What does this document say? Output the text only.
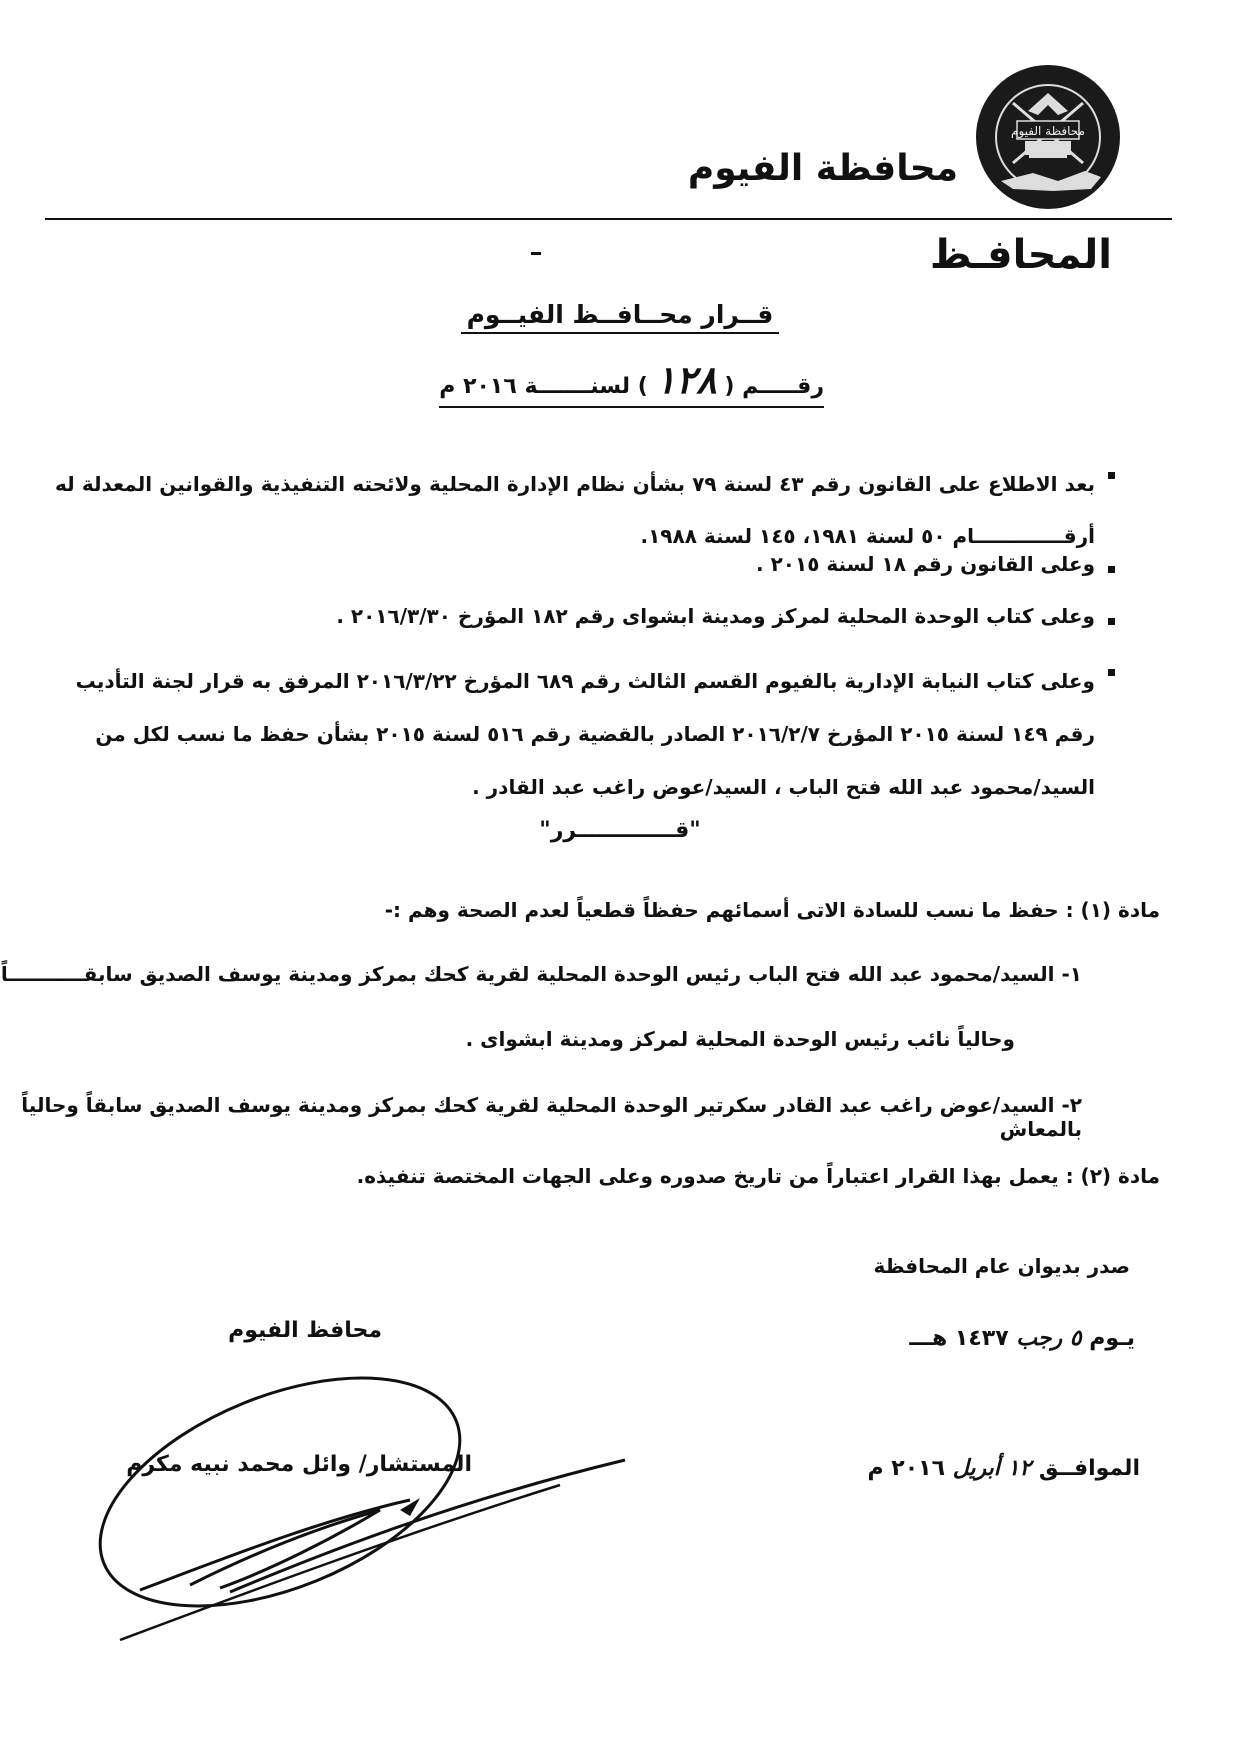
محافظة الفيوم
محافظة الفيوم
المحافـظ
قــرار محــافــظ الفيــوم
رقـــــم ( ١٢٨ ) لسنـــــــة ٢٠١٦ م
بعد الاطلاع على القانون رقم ٤٣ لسنة ٧٩ بشأن نظام الإدارة المحلية ولائحته التنفيذية والقوانين المعدلة له أرقـــــــــــــام ٥٠ لسنة ١٩٨١، ١٤٥ لسنة ١٩٨٨.
وعلى القانون رقم ١٨ لسنة ٢٠١٥ .
وعلى كتاب الوحدة المحلية لمركز ومدينة ابشواى رقم ١٨٢ المؤرخ ٢٠١٦/٣/٣٠ .
وعلى كتاب النيابة الإدارية بالفيوم القسم الثالث رقم ٦٨٩ المؤرخ ٢٠١٦/٣/٢٢ المرفق به قرار لجنة التأديب رقم ١٤٩ لسنة ٢٠١٥ المؤرخ ٢٠١٦/٢/٧ الصادر بالقضية رقم ٥١٦ لسنة ٢٠١٥ بشأن حفظ ما نسب لكل من السيد/محمود عبد الله فتح الباب ، السيد/عوض راغب عبد القادر .
"قـــــــــــــرر"
مادة (١) : حفظ ما نسب للسادة الاتى أسمائهم حفظاً قطعياً لعدم الصحة وهم :-
١- السيد/محمود عبد الله فتح الباب رئيس الوحدة المحلية لقرية كحك بمركز ومدينة يوسف الصديق سابقـــــــــــاً
وحالياً نائب رئيس الوحدة المحلية لمركز ومدينة ابشواى .
٢- السيد/عوض راغب عبد القادر سكرتير الوحدة المحلية لقرية كحك بمركز ومدينة يوسف الصديق سابقاً وحالياً بالمعاش
مادة (٢) : يعمل بهذا القرار اعتباراً من تاريخ صدوره وعلى الجهات المختصة تنفيذه.
صدر بديوان عام المحافظة
يـوم ٥ رجب ١٤٣٧ هـــ
الموافــق ١٢ أبريل ٢٠١٦ م
محافظ الفيوم
المستشار/ وائل محمد نبيه مكرم
